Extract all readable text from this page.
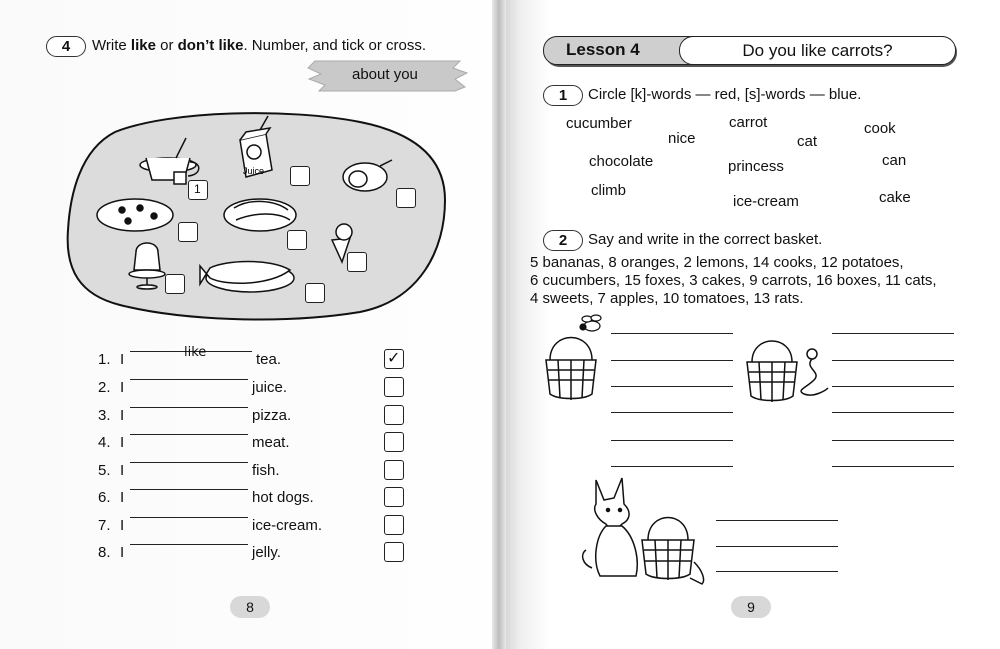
4	Write like or don’t like. Number, and tick or cross.
about you
Juice
1
1. I	like	tea.
2. I	juice.
3. I	pizza.
4. I	meat.
5. I	fish.
6. I	hot dogs.
7. I	ice-cream.
8. I	jelly.
✓
8
Lesson 4	Do you like carrots?
1	Circle [k]-words — red, [s]-words — blue.
cucumber
nice
carrot
cat
cook
chocolate	princess	can
climb
ice-cream	cake
2	Say and write in the correct basket.
5 bananas, 8 oranges, 2 lemons, 14 cooks, 12 potatoes,
6 cucumbers, 15 foxes, 3 cakes, 9 carrots, 16 boxes, 11 cats,
4 sweets, 7 apples, 10 tomatoes, 13 rats.
9
